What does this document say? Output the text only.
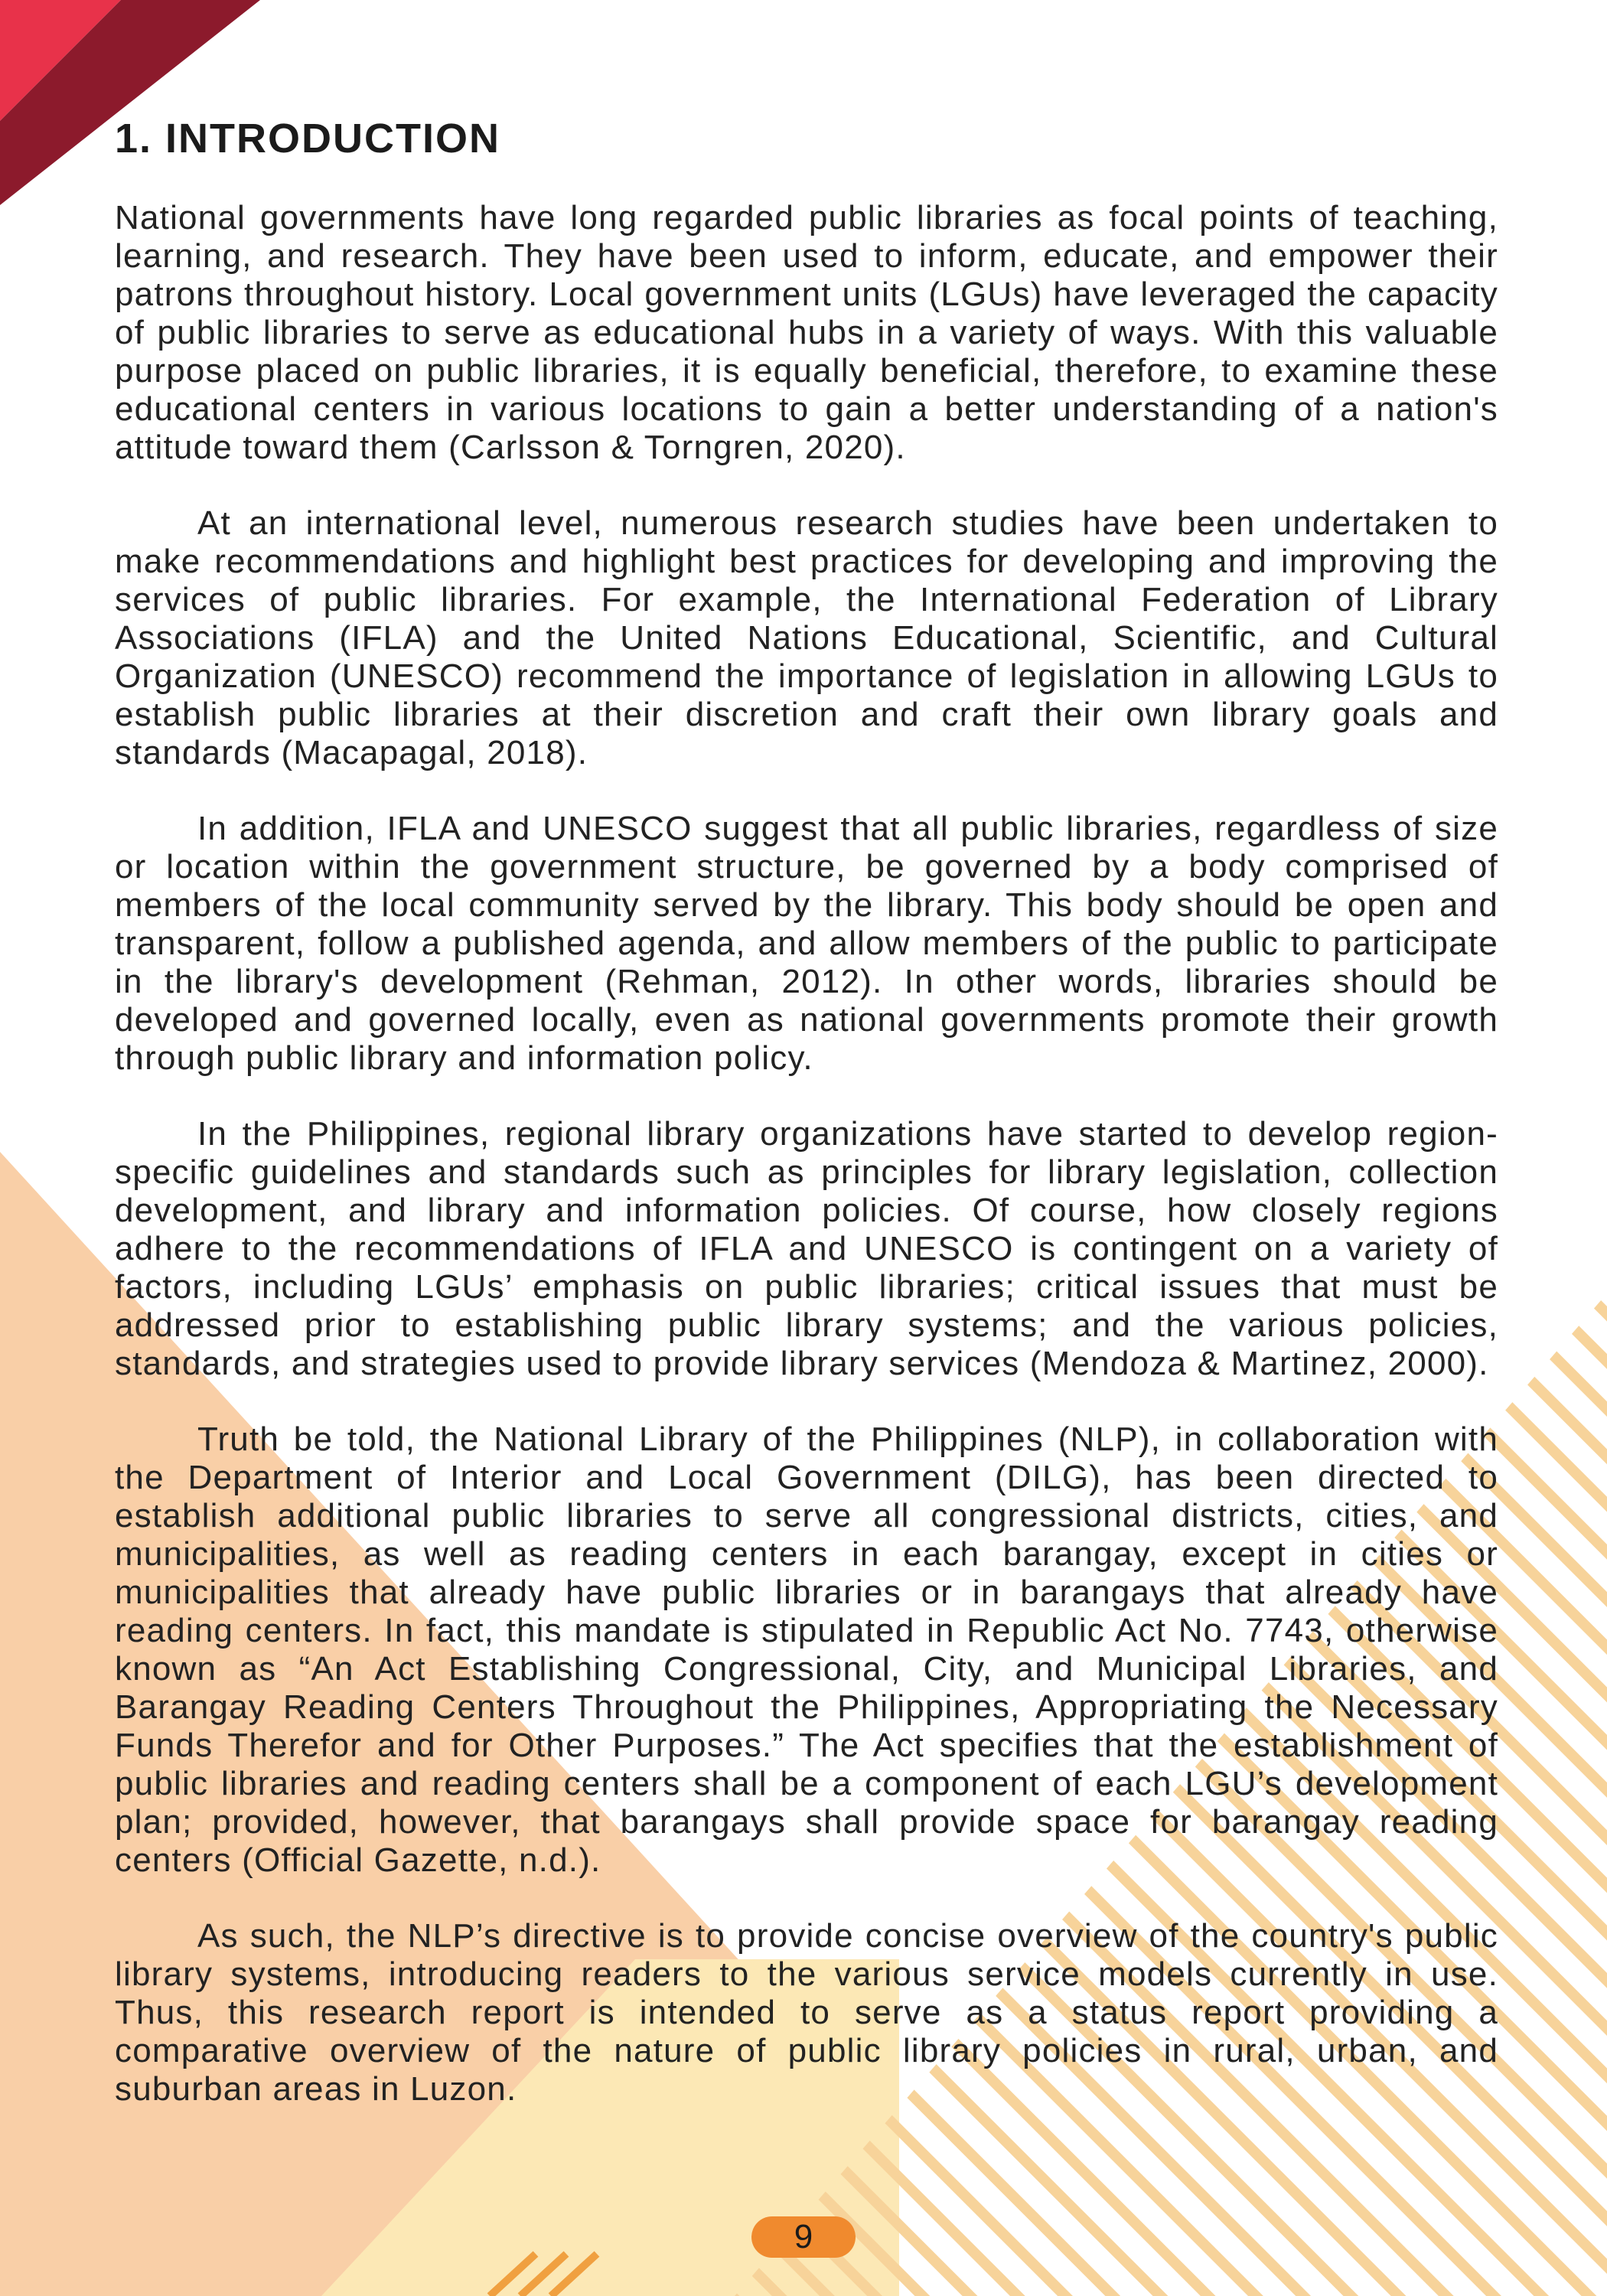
1. INTRODUCTION

National governments have long regarded public libraries as focal points of teaching, learning, and research. They have been used to inform, educate, and empower their patrons throughout history. Local government units (LGUs) have leveraged the capacity of public libraries to serve as educational hubs in a variety of ways. With this valuable purpose placed on public libraries, it is equally beneficial, therefore, to examine these educational centers in various locations to gain a better understanding of a nation's attitude toward them (Carlsson & Torngren, 2020).

At an international level, numerous research studies have been undertaken to make recommendations and highlight best practices for developing and improving the services of public libraries. For example, the International Federation of Library Associations (IFLA) and the United Nations Educational, Scientific, and Cultural Organization (UNESCO) recommend the importance of legislation in allowing LGUs to establish public libraries at their discretion and craft their own library goals and standards (Macapagal, 2018).

In addition, IFLA and UNESCO suggest that all public libraries, regardless of size or location within the government structure, be governed by a body comprised of members of the local community served by the library. This body should be open and transparent, follow a published agenda, and allow members of the public to participate in the library's development (Rehman, 2012). In other words, libraries should be developed and governed locally, even as national governments promote their growth through public library and information policy.

In the Philippines, regional library organizations have started to develop region-specific guidelines and standards such as principles for library legislation, collection development, and library and information policies. Of course, how closely regions adhere to the recommendations of IFLA and UNESCO is contingent on a variety of factors, including LGUs’ emphasis on public libraries; critical issues that must be addressed prior to establishing public library systems; and the various policies, standards, and strategies used to provide library services (Mendoza & Martinez, 2000).

Truth be told, the National Library of the Philippines (NLP), in collaboration with the Department of Interior and Local Government (DILG), has been directed to establish additional public libraries to serve all congressional districts, cities, and municipalities, as well as reading centers in each barangay, except in cities or municipalities that already have public libraries or in barangays that already have reading centers. In fact, this mandate is stipulated in Republic Act No. 7743, otherwise known as “An Act Establishing Congressional, City, and Municipal Libraries, and Barangay Reading Centers Throughout the Philippines, Appropriating the Necessary Funds Therefor and for Other Purposes.” The Act specifies that the establishment of public libraries and reading centers shall be a component of each LGU’s development plan; provided, however, that barangays shall provide space for barangay reading centers (Official Gazette, n.d.).

As such, the NLP’s directive is to provide concise overview of the country's public library systems, introducing readers to the various service models currently in use. Thus, this research report is intended to serve as a status report providing a comparative overview of the nature of public library policies in rural, urban, and suburban areas in Luzon.

9
